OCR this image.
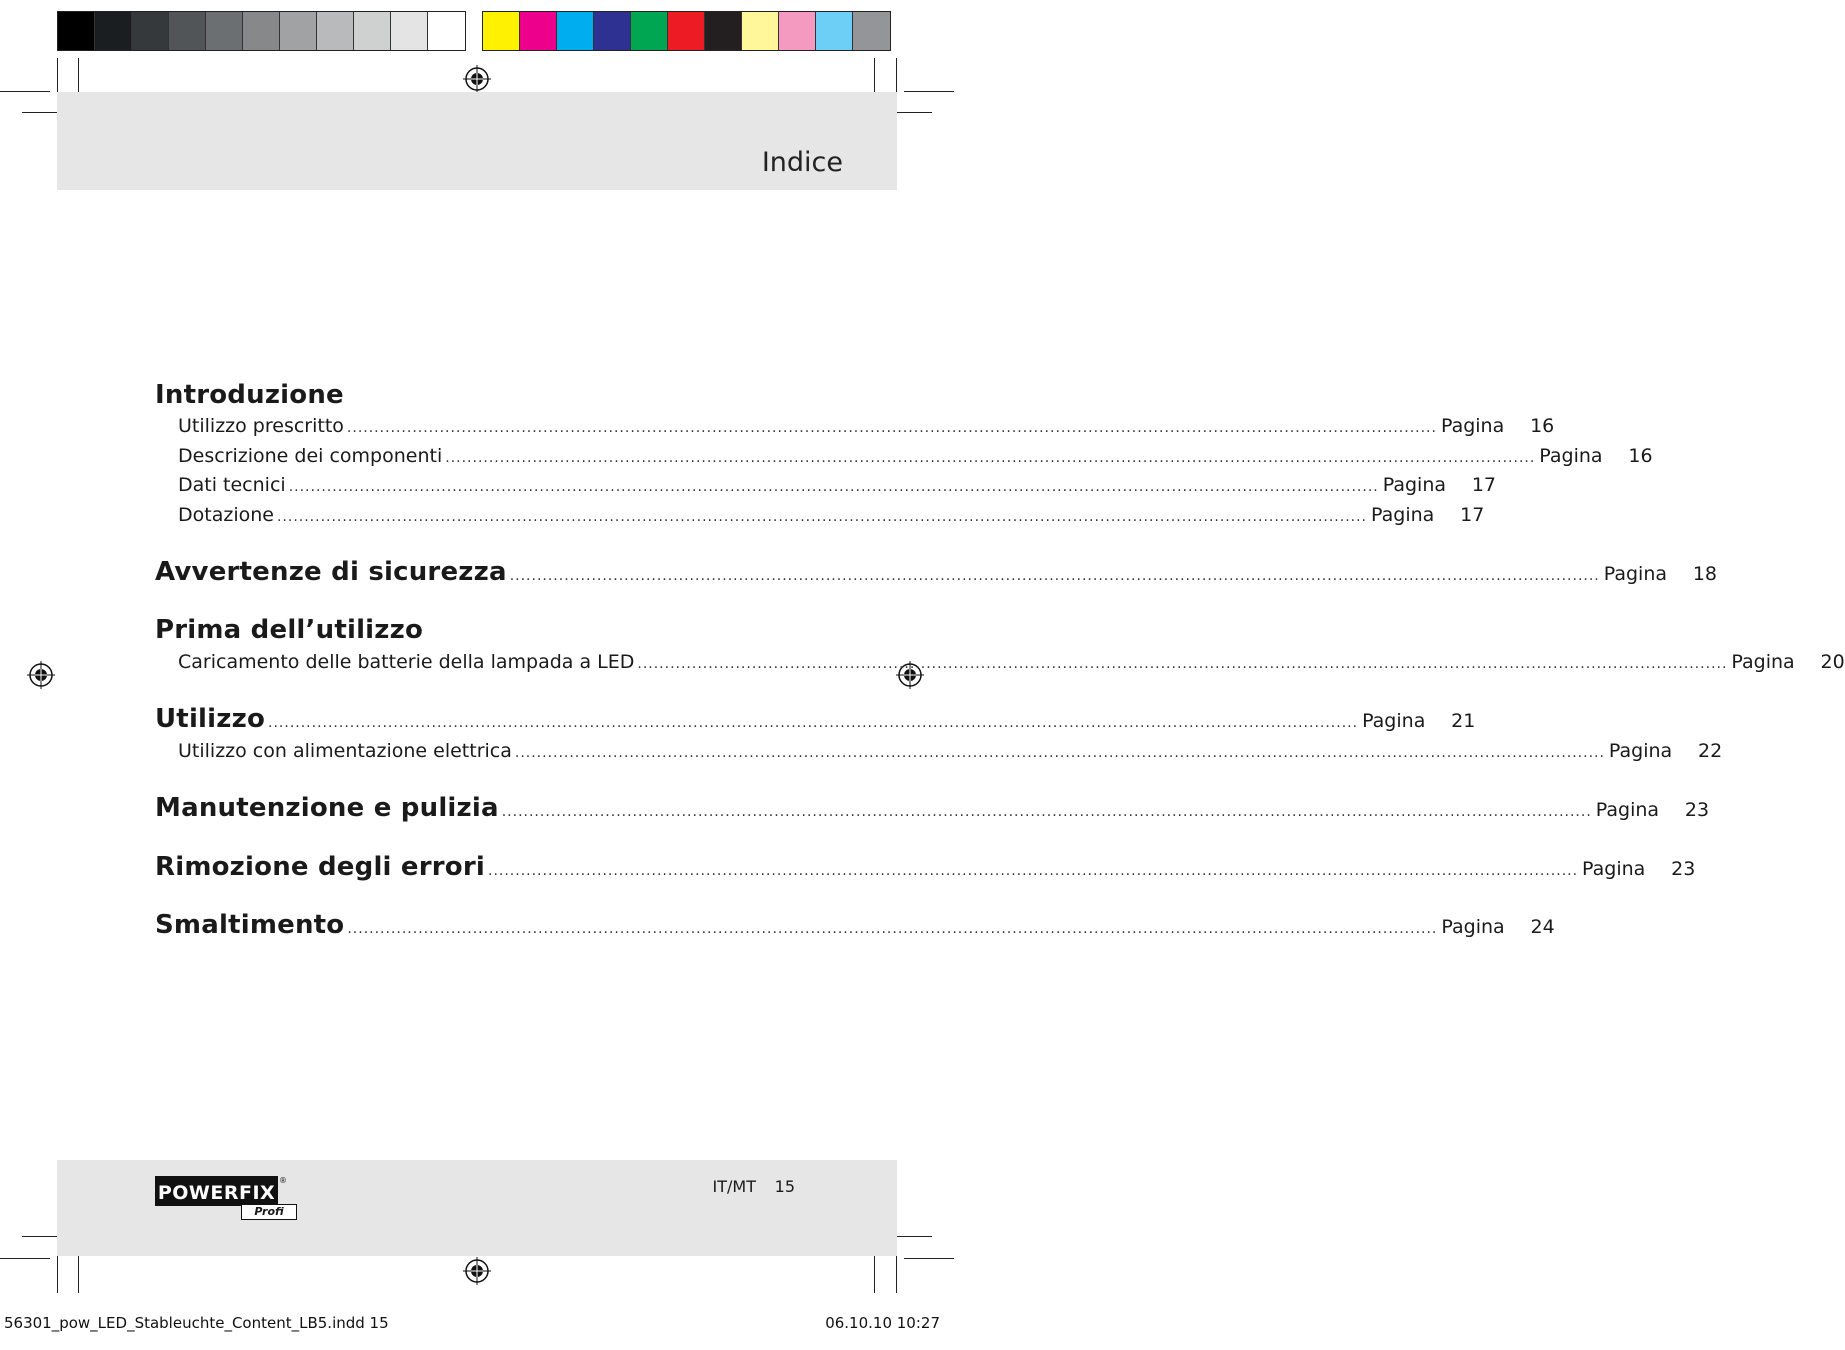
Indice
Introduzione
Utilizzo prescritto ........................................................................................................................................................................................................ Pagina	16
Descrizione dei componenti ........................................................................................................................................................................................................ Pagina	16
Dati tecnici ........................................................................................................................................................................................................ Pagina	17
Dotazione ........................................................................................................................................................................................................ Pagina	17
Avvertenze di sicurezza ........................................................................................................................................................................................................ Pagina	18
Prima dell’utilizzo
Caricamento delle batterie della lampada a LED ........................................................................................................................................................................................................ Pagina	20
Utilizzo ........................................................................................................................................................................................................ Pagina	21
Utilizzo con alimentazione elettrica ........................................................................................................................................................................................................ Pagina	22
Manutenzione e pulizia ........................................................................................................................................................................................................ Pagina	23
Rimozione degli errori ........................................................................................................................................................................................................ Pagina	23
Smaltimento ........................................................................................................................................................................................................ Pagina	24
POWERFIX
®
Profi
IT/MT 15
56301_pow_LED_Stableuchte_Content_LB5.indd 15	06.10.10 10:27
